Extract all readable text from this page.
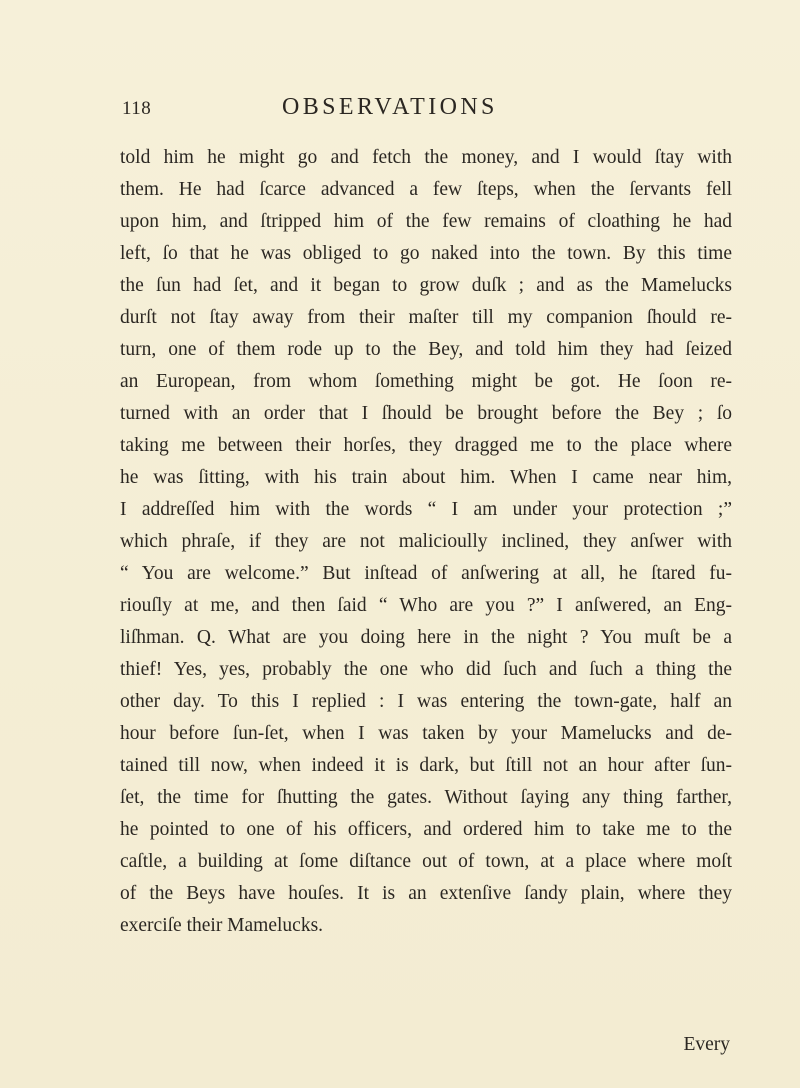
118	OBSERVATIONS
told him he might go and fetch the money, and I would ſtay with
them. He had ſcarce advanced a few ſteps, when the ſervants fell
upon him, and ſtripped him of the few remains of cloathing he had
left, ſo that he was obliged to go naked into the town. By this time
the ſun had ſet, and it began to grow duſk ; and as the Mamelucks
durſt not ſtay away from their maſter till my companion ſhould re-
turn, one of them rode up to the Bey, and told him they had ſeized
an European, from whom ſomething might be got. He ſoon re-
turned with an order that I ſhould be brought before the Bey ; ſo
taking me between their horſes, they dragged me to the place where
he was ſitting, with his train about him. When I came near him,
I addreſſed him with the words “ I am under your protection ;”
which phraſe, if they are not malicioully inclined, they anſwer with
“ You are welcome.” But inſtead of anſwering at all, he ſtared fu-
riouſly at me, and then ſaid “ Who are you ?” I anſwered, an Eng-
liſhman. Q. What are you doing here in the night ? You muſt be a
thief! Yes, yes, probably the one who did ſuch and ſuch a thing the
other day. To this I replied : I was entering the town-gate, half an
hour before ſun-ſet, when I was taken by your Mamelucks and de-
tained till now, when indeed it is dark, but ſtill not an hour after ſun-
ſet, the time for ſhutting the gates. Without ſaying any thing farther,
he pointed to one of his officers, and ordered him to take me to the
caſtle, a building at ſome diſtance out of town, at a place where moſt
of the Beys have houſes. It is an extenſive ſandy plain, where they
exerciſe their Mamelucks.
Every
